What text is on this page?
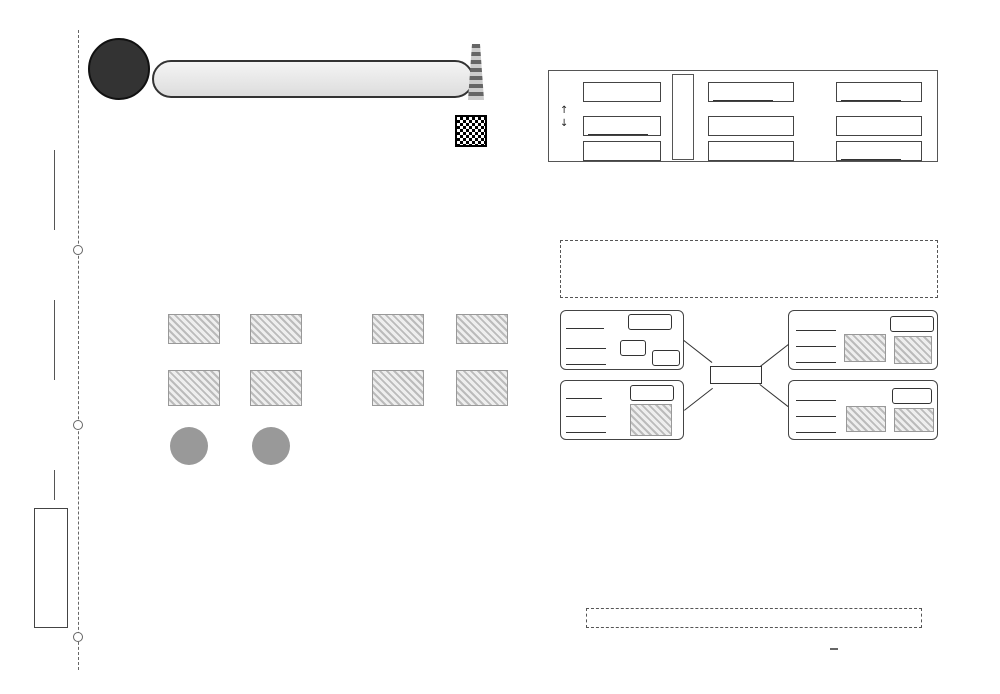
↑
↓
